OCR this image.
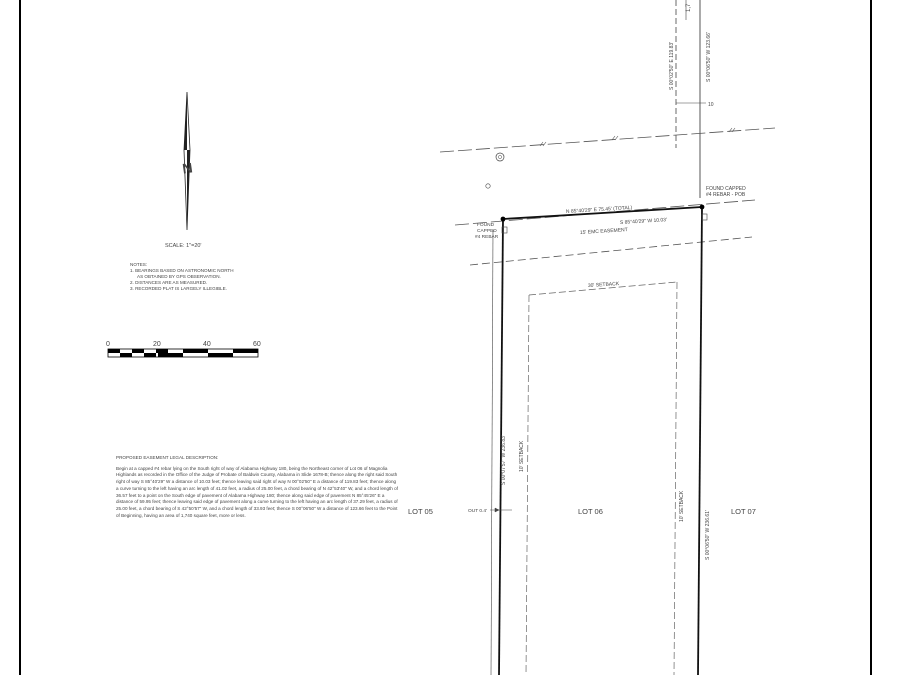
N
0	20	40	60
1,7
S 00°02'50" E 119.83'	S 00°06'50" W 123.66'
10
FOUND CAPPED
#4 REBAR - POB
N 85°40'29" E 75.45' (TOTAL)
S 85°40'29" W 10.03'
FOUND
CAPPED
#4 REBAR
15' EMC EASEMENT
30' SETBACK
10' SETBACK
10' SETBACK
S 00°07'57" W 236.83'
S 00°06'50" W 236.61'
LOT 05	LOT 06	LOT 07
OUT 0.4'
SCALE: 1"=20'
NOTES:
1. BEARINGS BASED ON ASTRONOMIC NORTH
AS OBTAINED BY GPS OBSERVATION.
2. DISTANCES ARE AS MEASURED.
3. RECORDED PLAT IS LARGELY ILLEGIBLE.
PROPOSED EASEMENT LEGAL DESCRIPTION:
Begin at a capped #4 rebar lying on the South right of way of Alabama Highway 180, being the Northeast corner of Lot 06 of Magnolia Highlands as recorded in the Office of the Judge of Probate of Baldwin County, Alabama in Slide 1678-B; thence along the right said South right of way S 85°40'29" W a distance of 10.03 feet; thence leaving said right of way N 00°02'50" E a distance of 119.83 feet; thence along a curve turning to the left having an arc length of 41.02 feet, a radius of 25.00 feet, a chord bearing of N 42°53'40" W, and a chord length of 36.57 feet to a point on the South edge of pavement of Alabama Highway 180; thence along said edge of pavement N 85°45'26" E a distance of 59.95 feet; thence leaving said edge of pavement along a curve turning to the left having an arc length of 37.29 feet, a radius of 25.00 feet, a chord bearing of S 42°50'57" W, and a chord length of 33.93 feet; thence S 00°06'50" W a distance of 123.66 feet to the Point of Beginning, having an area of 1,740 square feet, more or less.
